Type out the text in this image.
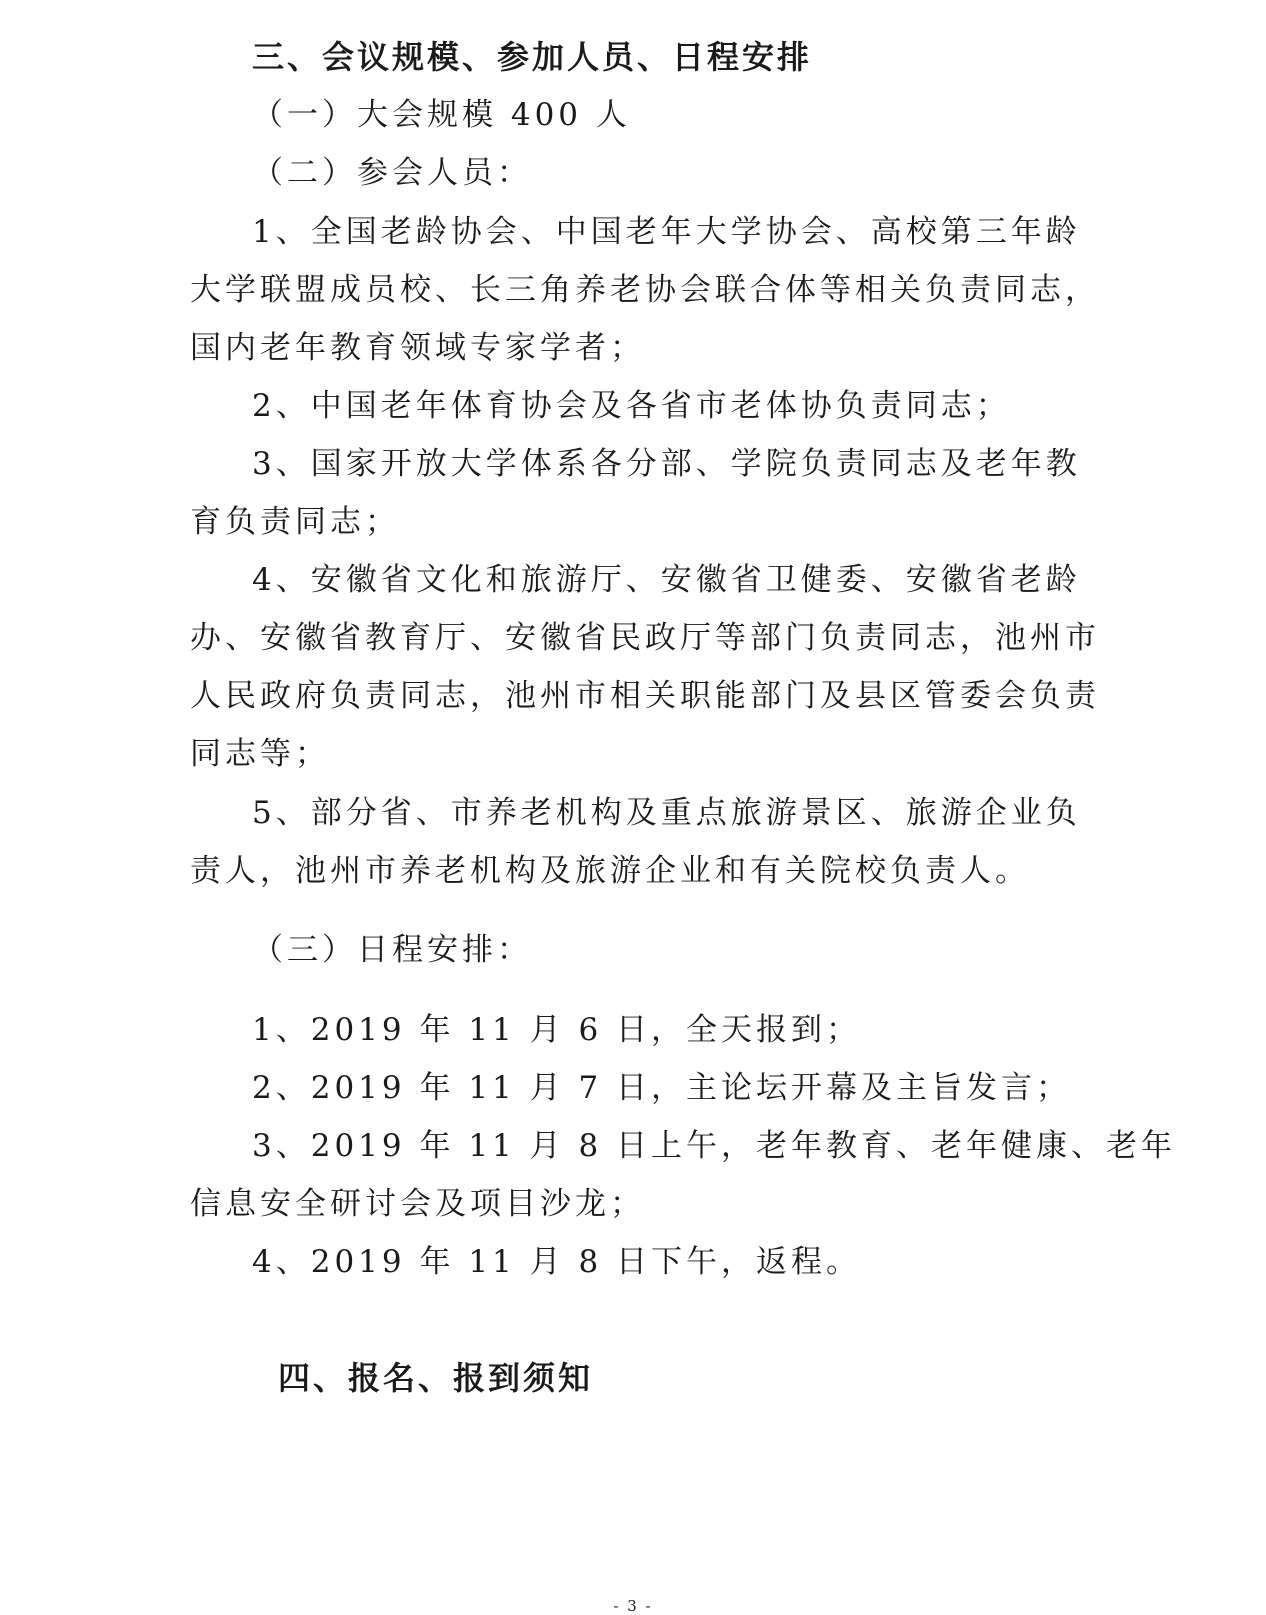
三、会议规模、参加人员、日程安排
（一）大会规模 400 人
（二）参会人员：
1、全国老龄协会、中国老年大学协会、高校第三年龄
大学联盟成员校、长三角养老协会联合体等相关负责同志，
国内老年教育领域专家学者；
2、中国老年体育协会及各省市老体协负责同志；
3、国家开放大学体系各分部、学院负责同志及老年教
育负责同志；
4、安徽省文化和旅游厅、安徽省卫健委、安徽省老龄
办、安徽省教育厅、安徽省民政厅等部门负责同志，池州市
人民政府负责同志，池州市相关职能部门及县区管委会负责
同志等；
5、部分省、市养老机构及重点旅游景区、旅游企业负
责人，池州市养老机构及旅游企业和有关院校负责人。
（三）日程安排：
1、2019 年 11 月 6 日，全天报到；
2、2019 年 11 月 7 日，主论坛开幕及主旨发言；
3、2019 年 11 月 8 日上午，老年教育、老年健康、老年
信息安全研讨会及项目沙龙；
4、2019 年 11 月 8 日下午，返程。
四、报名、报到须知
- 3 -
